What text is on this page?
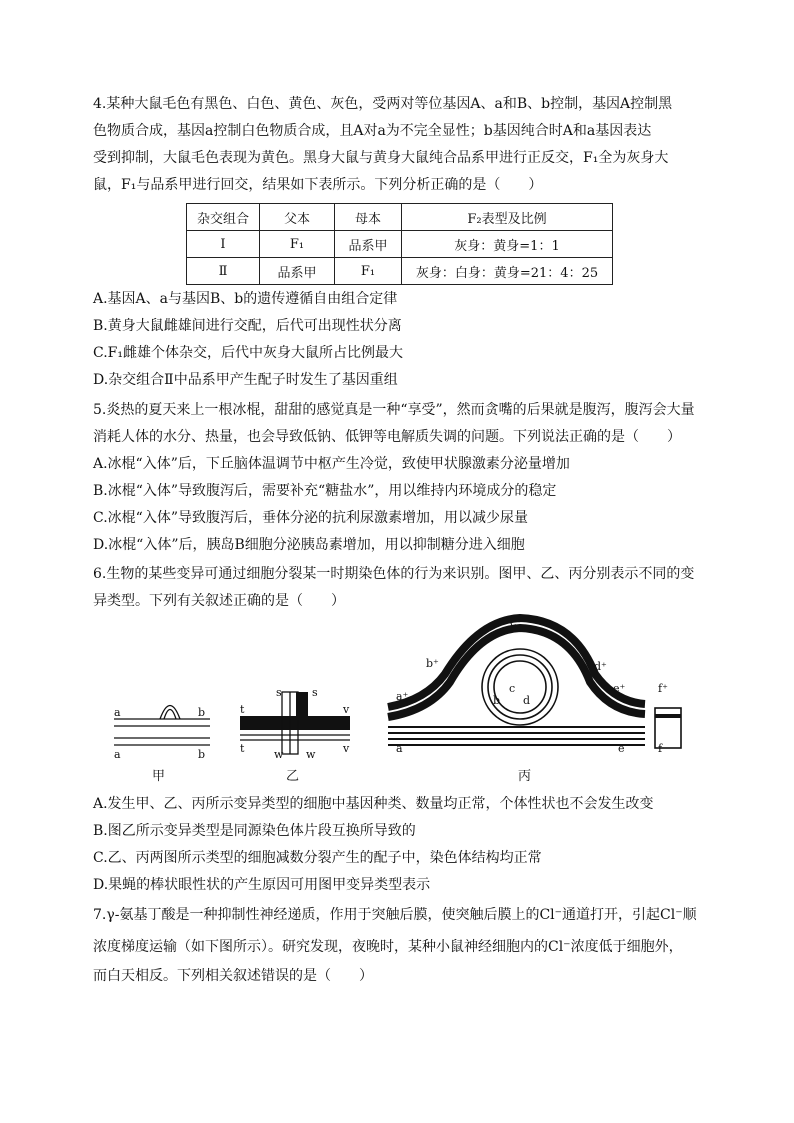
4.某种大鼠毛色有黑色、白色、黄色、灰色，受两对等位基因A、a和B、b控制，基因A控制黑

色物质合成，基因a控制白色物质合成，且A对a为不完全显性；b基因纯合时A和a基因表达

受到抑制，大鼠毛色表现为黄色。黑身大鼠与黄身大鼠纯合品系甲进行正反交，F₁全为灰身大

鼠，F₁与品系甲进行回交，结果如下表所示。下列分析正确的是（　　）

杂交组合	父本	母本	F₂表型及比例
Ⅰ	F₁	品系甲	灰身：黄身=1：1
Ⅱ	品系甲	F₁	灰身：白身：黄身=21：4：25

A.基因A、a与基因B、b的遗传遵循自由组合定律

B.黄身大鼠雌雄间进行交配，后代可出现性状分离

C.F₁雌雄个体杂交，后代中灰身大鼠所占比例最大

D.杂交组合Ⅱ中品系甲产生配子时发生了基因重组

5.炎热的夏天来上一根冰棍，甜甜的感觉真是一种“享受”，然而贪嘴的后果就是腹泻，腹泻会大量

消耗人体的水分、热量，也会导致低钠、低钾等电解质失调的问题。下列说法正确的是（　　）

A.冰棍“入体”后，下丘脑体温调节中枢产生冷觉，致使甲状腺激素分泌量增加

B.冰棍“入体”导致腹泻后，需要补充“糖盐水”，用以维持内环境成分的稳定

C.冰棍“入体”导致腹泻后，垂体分泌的抗利尿激素增加，用以减少尿量

D.冰棍“入体”后，胰岛B细胞分泌胰岛素增加，用以抑制糖分进入细胞

6.生物的某些变异可通过细胞分裂某一时期染色体的行为来识别。图甲、乙、丙分别表示不同的变

异类型。下列有关叙述正确的是（　　）

a	b
a	b
s	s
t	v
t	v
w w
a⁺
b⁺
c⁺
d⁺
e⁺	f⁺
b
c
d
a	e	f
甲	乙	丙

A.发生甲、乙、丙所示变异类型的细胞中基因种类、数量均正常，个体性状也不会发生改变

B.图乙所示变异类型是同源染色体片段互换所导致的

C.乙、丙两图所示类型的细胞减数分裂产生的配子中，染色体结构均正常

D.果蝇的棒状眼性状的产生原因可用图甲变异类型表示

7.γ-氨基丁酸是一种抑制性神经递质，作用于突触后膜，使突触后膜上的Cl⁻通道打开，引起Cl⁻顺

浓度梯度运输（如下图所示）。研究发现，夜晚时，某种小鼠神经细胞内的Cl⁻浓度低于细胞外，

而白天相反。下列相关叙述错误的是（　　）
